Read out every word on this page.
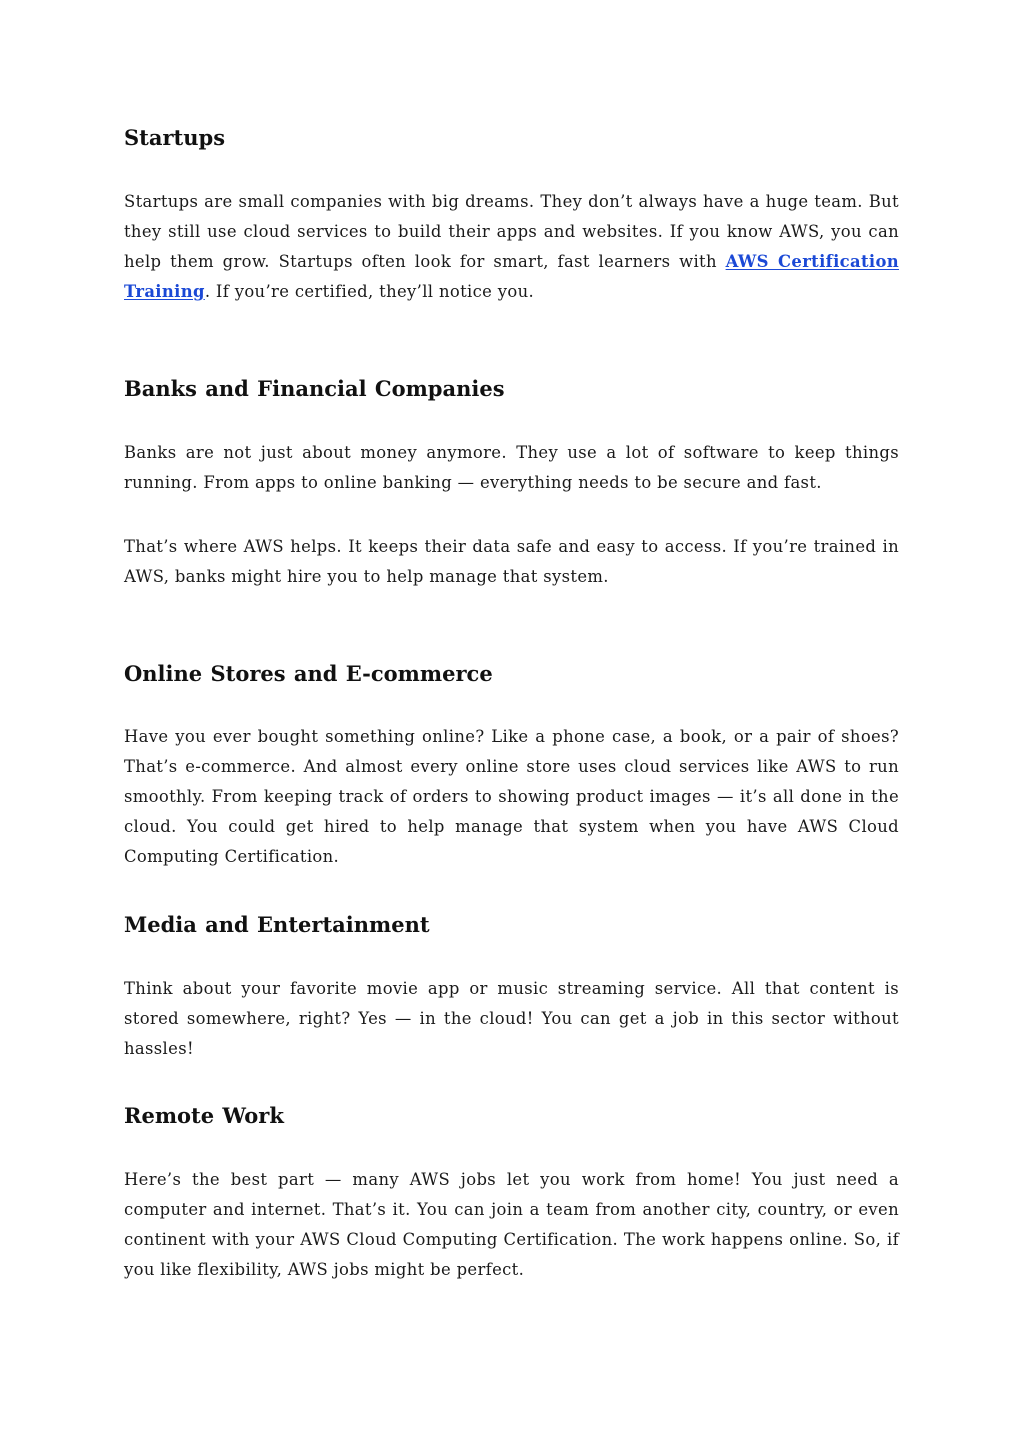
Startups

Startups are small companies with big dreams. They don’t always have a huge team. But they still use cloud services to build their apps and websites. If you know AWS, you can help them grow. Startups often look for smart, fast learners with AWS Certification Training. If you’re certified, they’ll notice you.

Banks and Financial Companies

Banks are not just about money anymore. They use a lot of software to keep things running. From apps to online banking — everything needs to be secure and fast.

That’s where AWS helps. It keeps their data safe and easy to access. If you’re trained in AWS, banks might hire you to help manage that system.

Online Stores and E-commerce

Have you ever bought something online? Like a phone case, a book, or a pair of shoes? That’s e-commerce. And almost every online store uses cloud services like AWS to run smoothly. From keeping track of orders to showing product images — it’s all done in the cloud. You could get hired to help manage that system when you have AWS Cloud Computing Certification.

Media and Entertainment

Think about your favorite movie app or music streaming service. All that content is stored somewhere, right? Yes — in the cloud! You can get a job in this sector without hassles!

Remote Work

Here’s the best part — many AWS jobs let you work from home! You just need a computer and internet. That’s it. You can join a team from another city, country, or even continent with your AWS Cloud Computing Certification. The work happens online. So, if you like flexibility, AWS jobs might be perfect.
